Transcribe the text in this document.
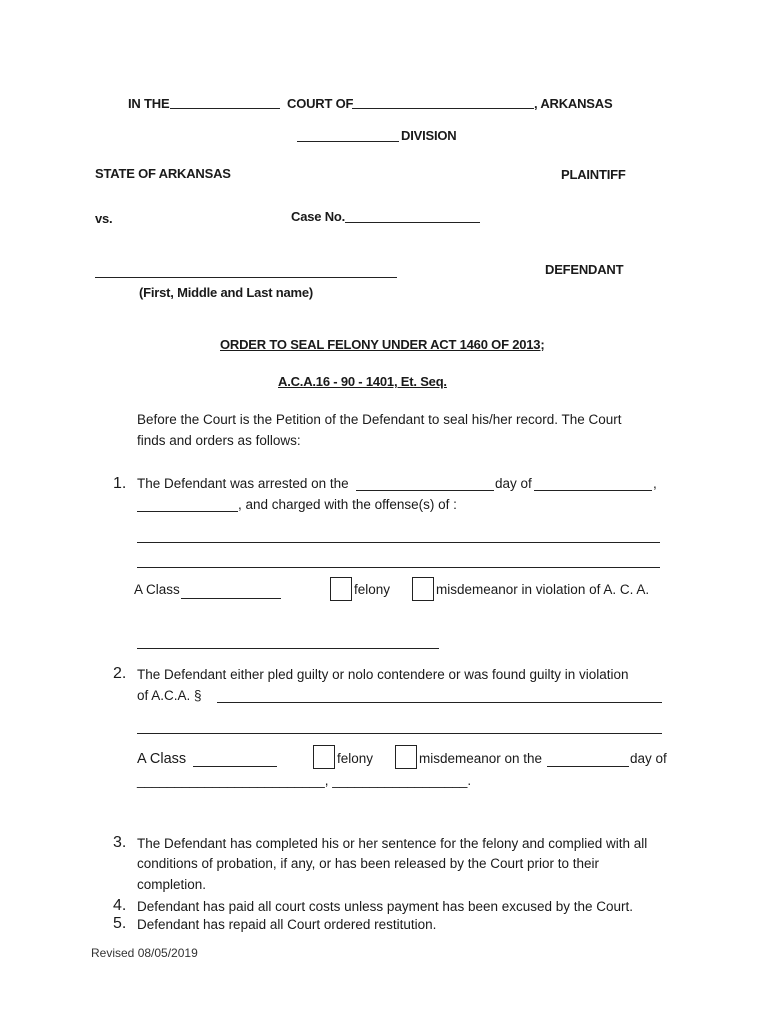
IN THE	COURT OF	, ARKANSAS
DIVISION
STATE OF ARKANSAS	PLAINTIFF
vs.	Case No.
DEFENDANT
(First, Middle and Last name)
ORDER TO SEAL FELONY UNDER ACT 1460 OF 2013;
A.C.A.16 - 90 - 1401, Et. Seq.
Before the Court is the Petition of the Defendant to seal his/her record. The Court
finds and orders as follows:
1. The Defendant was arrested on the	day of	,
, and charged with the offense(s) of :
A Class	felony	misdemeanor in violation of A. C. A.
2. The Defendant either pled guilty or nolo contendere or was found guilty in violation
of A.C.A. §
A Class	felony	misdemeanor on the	day of
_________________________, __________________.
3. The Defendant has completed his or her sentence for the felony and complied with all
conditions of probation, if any, or has been released by the Court prior to their
completion.
4. Defendant has paid all court costs unless payment has been excused by the Court.
5. Defendant has repaid all Court ordered restitution.
Revised 08/05/2019
